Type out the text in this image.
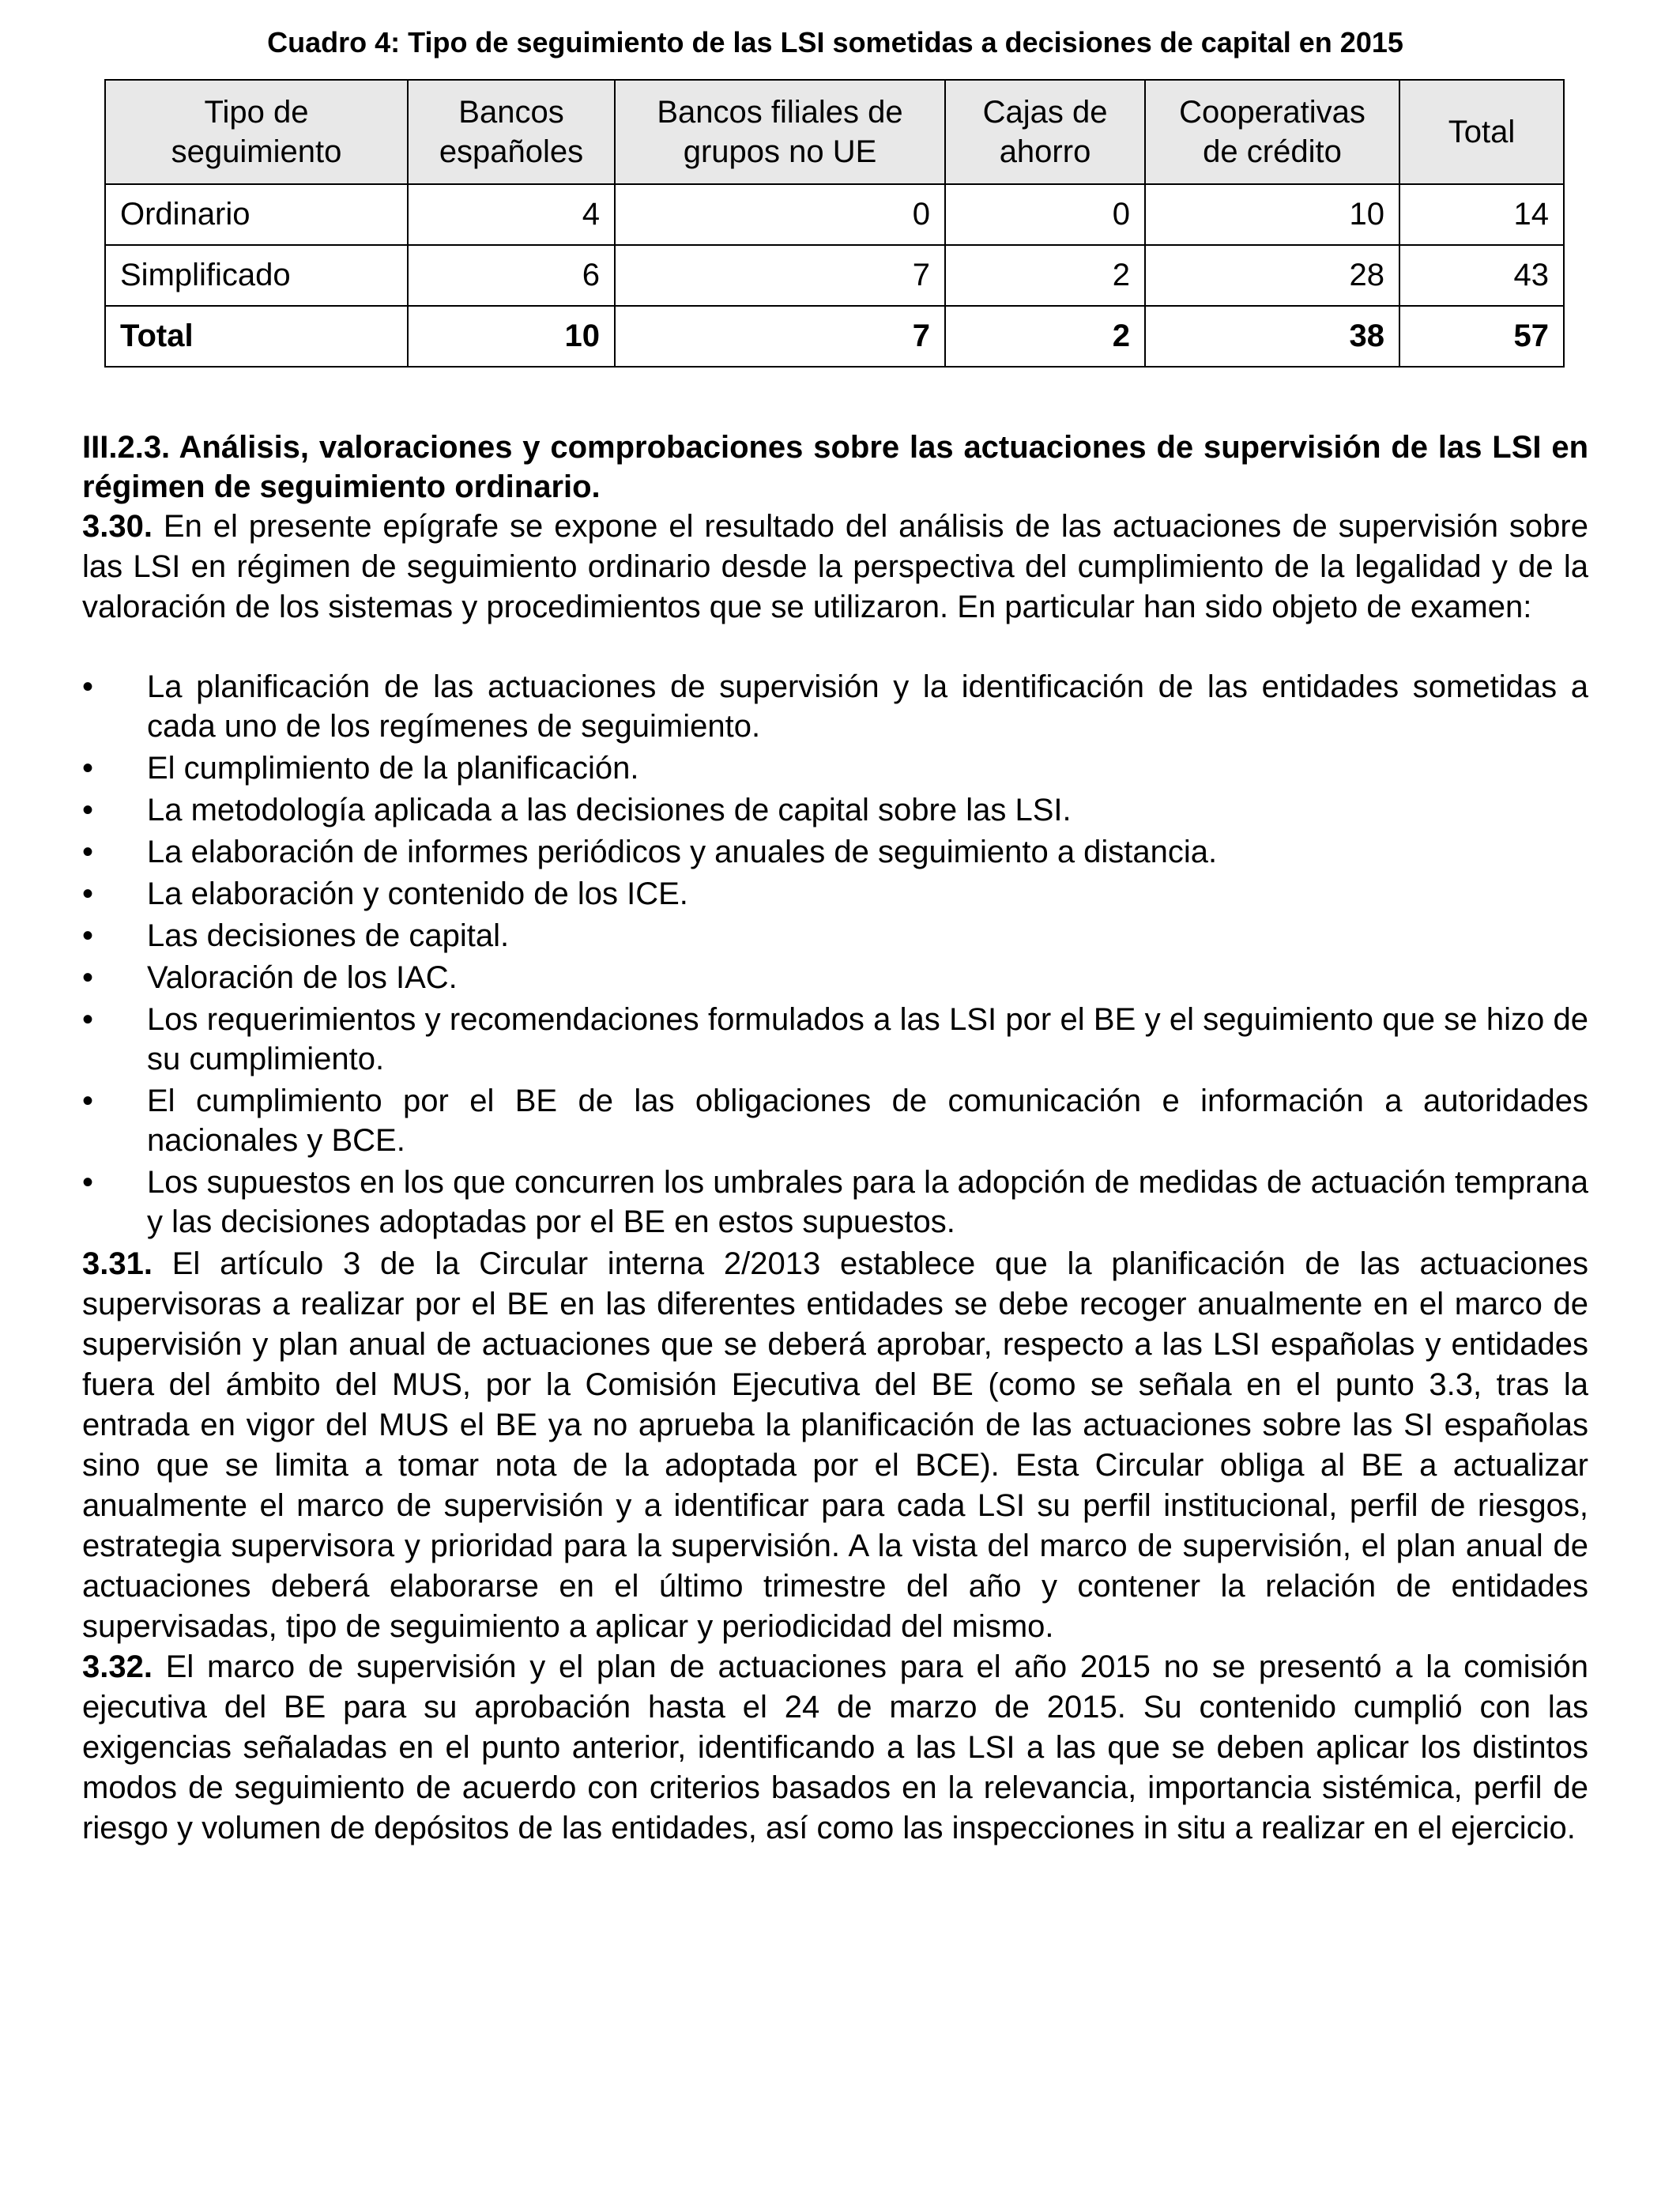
Cuadro 4: Tipo de seguimiento de las LSI sometidas a decisiones de capital en 2015
Tipo de seguimiento	Bancos españoles	Bancos filiales de grupos no UE	Cajas de ahorro	Cooperativas de crédito	Total
Ordinario	4	0	0	10	14
Simplificado	6	7	2	28	43
Total	10	7	2	38	57
III.2.3. Análisis, valoraciones y comprobaciones sobre las actuaciones de supervisión de las LSI en régimen de seguimiento ordinario.

3.30. En el presente epígrafe se expone el resultado del análisis de las actuaciones de supervisión sobre las LSI en régimen de seguimiento ordinario desde la perspectiva del cumplimiento de la legalidad y de la valoración de los sistemas y procedimientos que se utilizaron. En particular han sido objeto de examen:

•	La planificación de las actuaciones de supervisión y la identificación de las entidades sometidas a cada uno de los regímenes de seguimiento.
•	El cumplimiento de la planificación.
•	La metodología aplicada a las decisiones de capital sobre las LSI.
•	La elaboración de informes periódicos y anuales de seguimiento a distancia.
•	La elaboración y contenido de los ICE.
•	Las decisiones de capital.
•	Valoración de los IAC.
•	Los requerimientos y recomendaciones formulados a las LSI por el BE y el seguimiento que se hizo de su cumplimiento.
•	El cumplimiento por el BE de las obligaciones de comunicación e información a autoridades nacionales y BCE.
•	Los supuestos en los que concurren los umbrales para la adopción de medidas de actuación temprana y las decisiones adoptadas por el BE en estos supuestos.

3.31. El artículo 3 de la Circular interna 2/2013 establece que la planificación de las actuaciones supervisoras a realizar por el BE en las diferentes entidades se debe recoger anualmente en el marco de supervisión y plan anual de actuaciones que se deberá aprobar, respecto a las LSI españolas y entidades fuera del ámbito del MUS, por la Comisión Ejecutiva del BE (como se señala en el punto 3.3, tras la entrada en vigor del MUS el BE ya no aprueba la planificación de las actuaciones sobre las SI españolas sino que se limita a tomar nota de la adoptada por el BCE). Esta Circular obliga al BE a actualizar anualmente el marco de supervisión y a identificar para cada LSI su perfil institucional, perfil de riesgos, estrategia supervisora y prioridad para la supervisión. A la vista del marco de supervisión, el plan anual de actuaciones deberá elaborarse en el último trimestre del año y contener la relación de entidades supervisadas, tipo de seguimiento a aplicar y periodicidad del mismo.

3.32. El marco de supervisión y el plan de actuaciones para el año 2015 no se presentó a la comisión ejecutiva del BE para su aprobación hasta el 24 de marzo de 2015. Su contenido cumplió con las exigencias señaladas en el punto anterior, identificando a las LSI a las que se deben aplicar los distintos modos de seguimiento de acuerdo con criterios basados en la relevancia, importancia sistémica, perfil de riesgo y volumen de depósitos de las entidades, así como las inspecciones in situ a realizar en el ejercicio.
